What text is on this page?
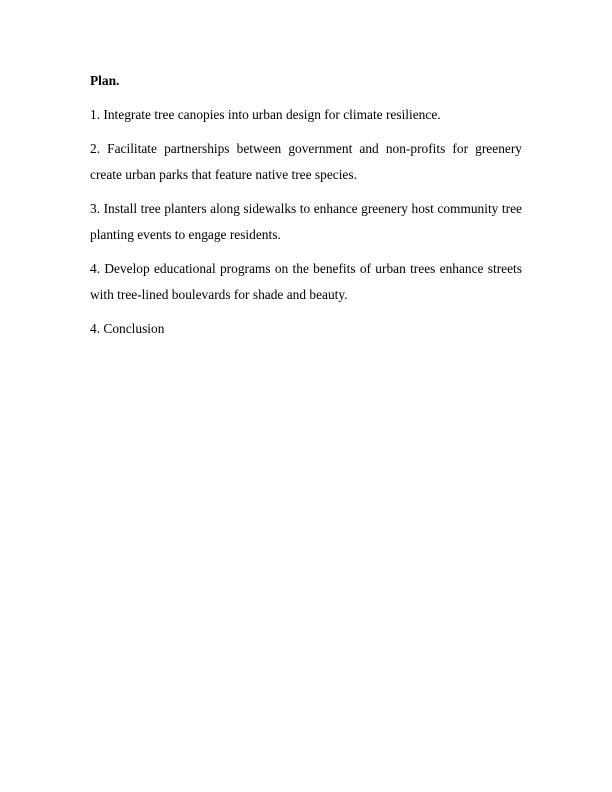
Plan.

1. Integrate tree canopies into urban design for climate resilience.

2. Facilitate partnerships between government and non-profits for greenery create urban parks that feature native tree species.

3. Install tree planters along sidewalks to enhance greenery host community tree planting events to engage residents.

4. Develop educational programs on the benefits of urban trees enhance streets with tree-lined boulevards for shade and beauty.

4. Conclusion
